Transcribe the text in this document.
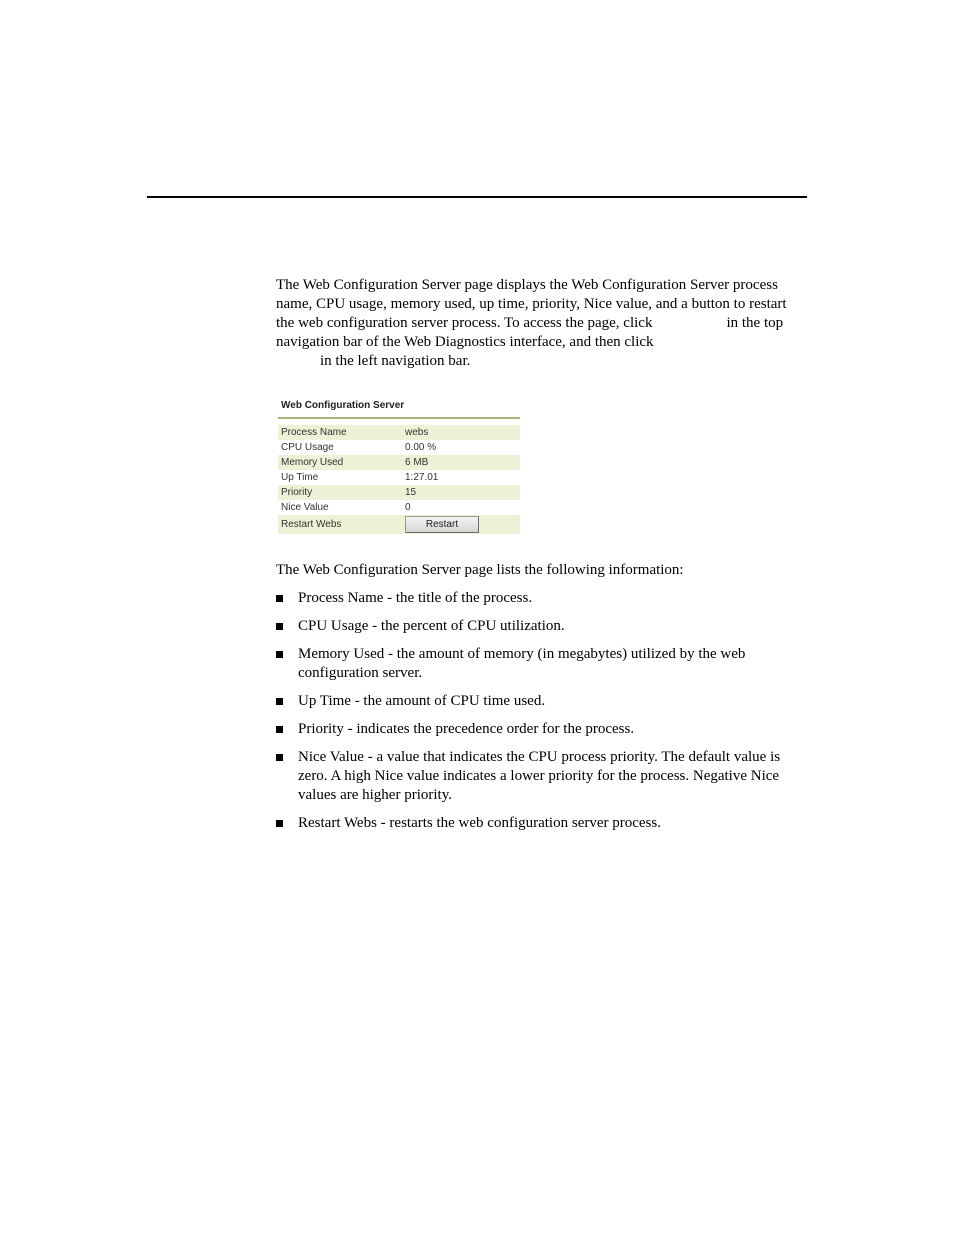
The Web Configuration Server page displays the Web Configuration Server process
name, CPU usage, memory used, up time, priority, Nice value, and a button to restart
the web configuration server process. To access the page, click	in the top
navigation bar of the Web Diagnostics interface, and then click
in the left navigation bar.

Web Configuration Server
Process Name	webs
CPU Usage	0.00 %
Memory Used	6 MB
Up Time	1:27.01
Priority	15
Nice Value	0
Restart Webs	Restart

The Web Configuration Server page lists the following information:

Process Name - the title of the process.
CPU Usage - the percent of CPU utilization.
Memory Used - the amount of memory (in megabytes) utilized by the web
configuration server.
Up Time - the amount of CPU time used.
Priority - indicates the precedence order for the process.
Nice Value - a value that indicates the CPU process priority. The default value is
zero. A high Nice value indicates a lower priority for the process. Negative Nice
values are higher priority.
Restart Webs - restarts the web configuration server process.
